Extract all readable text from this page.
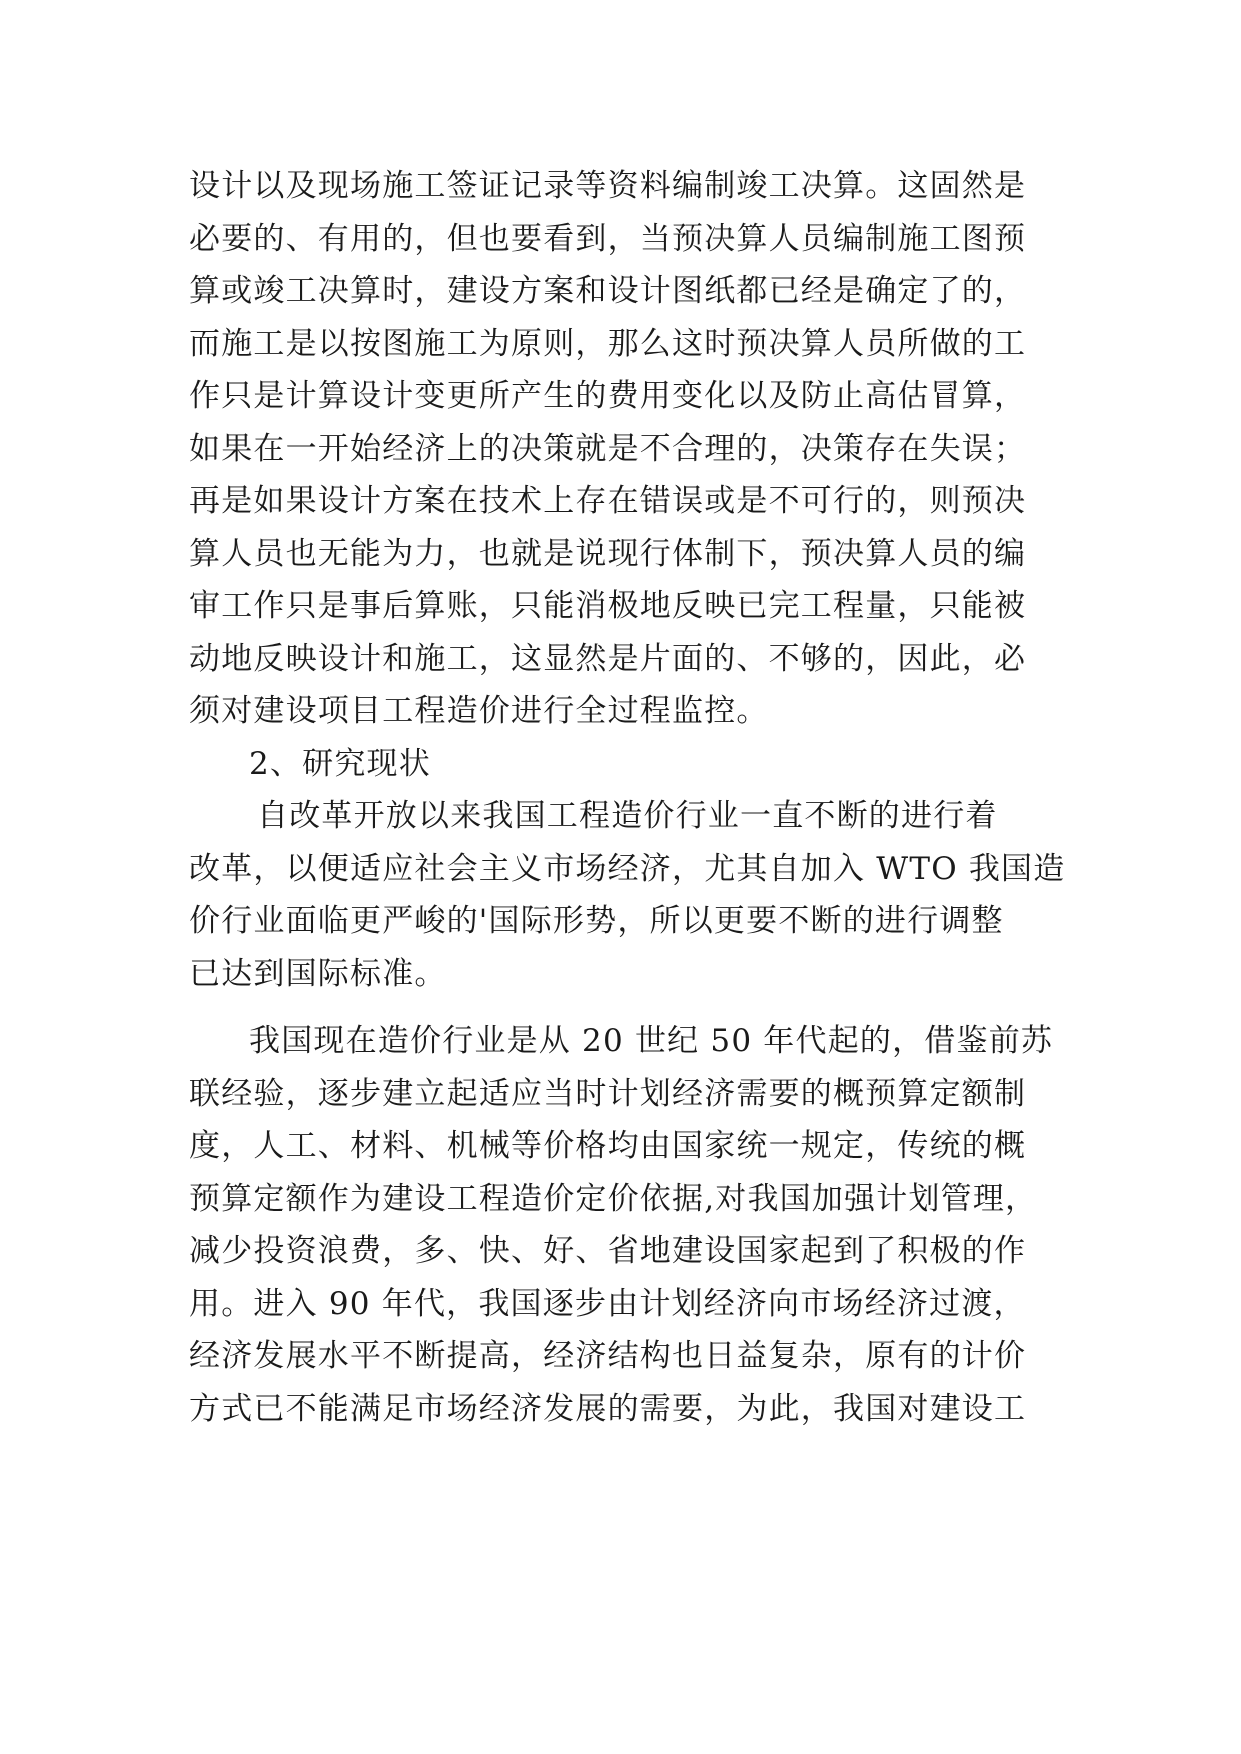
设计以及现场施工签证记录等资料编制竣工决算。这固然是
必要的、有用的，但也要看到，当预决算人员编制施工图预
算或竣工决算时，建设方案和设计图纸都已经是确定了的，
而施工是以按图施工为原则，那么这时预决算人员所做的工
作只是计算设计变更所产生的费用变化以及防止高估冒算，
如果在一开始经济上的决策就是不合理的，决策存在失误；
再是如果设计方案在技术上存在错误或是不可行的，则预决
算人员也无能为力，也就是说现行体制下，预决算人员的编
审工作只是事后算账，只能消极地反映已完工程量，只能被
动地反映设计和施工，这显然是片面的、不够的，因此，必
须对建设项目工程造价进行全过程监控。
2、研究现状
自改革开放以来我国工程造价行业一直不断的进行着
改革，以便适应社会主义市场经济，尤其自加入 WTO 我国造
价行业面临更严峻的'国际形势，所以更要不断的进行调整
已达到国际标准。
我国现在造价行业是从 20 世纪 50 年代起的，借鉴前苏
联经验，逐步建立起适应当时计划经济需要的概预算定额制
度，人工、材料、机械等价格均由国家统一规定，传统的概
预算定额作为建设工程造价定价依据,对我国加强计划管理，
减少投资浪费，多、快、好、省地建设国家起到了积极的作
用。进入 90 年代，我国逐步由计划经济向市场经济过渡，
经济发展水平不断提高，经济结构也日益复杂，原有的计价
方式已不能满足市场经济发展的需要，为此，我国对建设工
